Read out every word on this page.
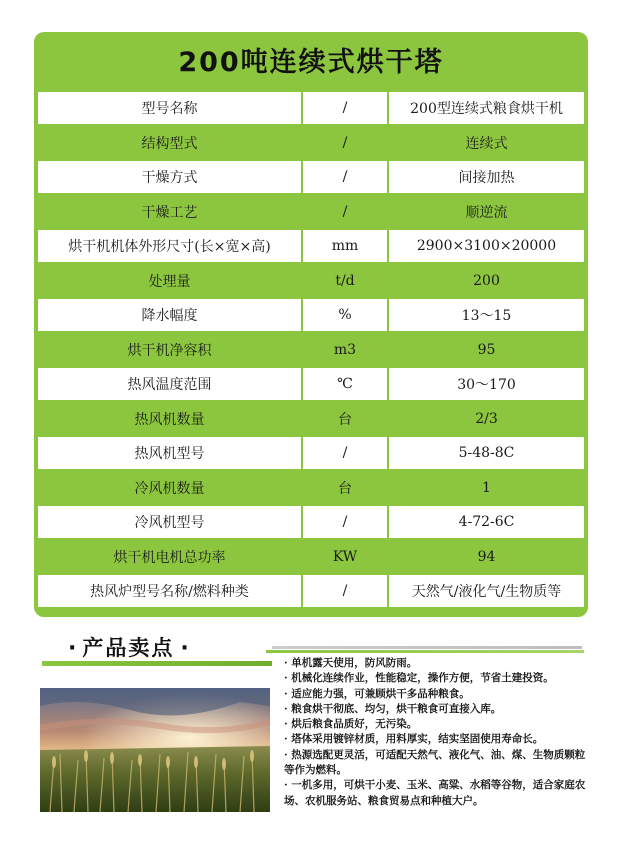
200吨连续式烘干塔
型号名称	/	200型连续式粮食烘干机
结构型式	/	连续式
干燥方式	/	间接加热
干燥工艺	/	顺逆流
烘干机机体外形尺寸(长×宽×高)	mm	2900×3100×20000
处理量	t/d	200
降水幅度	%	13～15
烘干机净容积	m3	95
热风温度范围	℃	30～170
热风机数量	台	2/3
热风机型号	/	5-48-8C
冷风机数量	台	1
冷风机型号	/	4-72-6C
烘干机电机总功率	KW	94
热风炉型号名称/燃料种类	/	天然气/液化气/生物质等
· 产品卖点 ·

· 单机露天使用，防风防雨。

· 机械化连续作业，性能稳定，操作方便，节省土建投资。

· 适应能力强，可兼顾烘干多品种粮食。

· 粮食烘干彻底、均匀，烘干粮食可直接入库。

· 烘后粮食品质好，无污染。

· 塔体采用镀锌材质，用料厚实，结实坚固使用寿命长。

· 热源选配更灵活，可适配天然气、液化气、油、煤、生物质颗粒等作为燃料。

· 一机多用，可烘干小麦、玉米、高粱、水稻等谷物，适合家庭农场、农机服务站、粮食贸易点和种植大户。
